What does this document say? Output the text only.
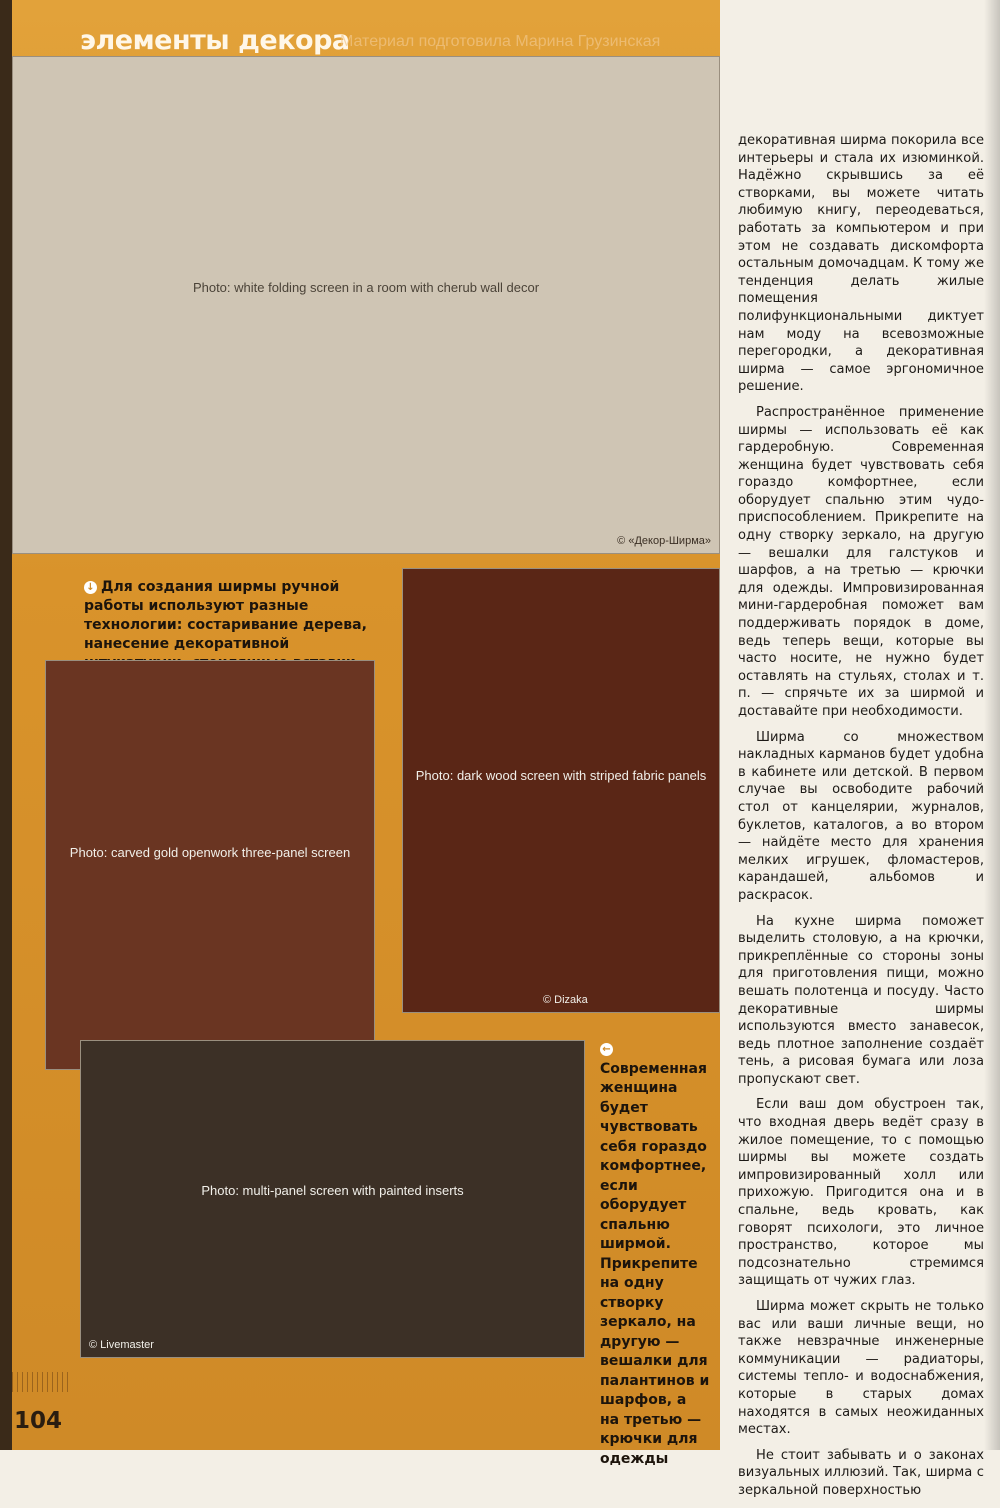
элементы декора
Материал подготовила Марина Грузинская
Photo: white folding screen in a room with cherub wall decor
© «Декор-Ширма»
↓ Для создания ширмы ручной работы используют разные технологии: состаривание дерева, нанесение декоративной
Photo: carved gold openwork three-panel screen
Photo: dark wood screen with striped fabric panels
© Dizaka
Photo: multi-panel screen with painted inserts
© Livemaster
←Современная женщина будет чувствовать себя гораздо комфортнее, если оборудует спальню ширмой. Прикрепите на одну створку зеркало, на другую — вешалки для палантинов и шарфов, а на третью — крючки для одежды
104

декоративная ширма покорила все интерьеры и стала их изюминкой. Надёжно скрывшись за её створками, вы можете читать любимую книгу, переодеваться, работать за компьютером и при этом не создавать дискомфорта остальным домочадцам. К тому же тенденция делать жилые помещения полифункциональными диктует нам моду на всевозможные перегородки, а декоративная ширма — самое эргономичное решение.

Распространённое применение ширмы — использовать её как гардеробную. Современная женщина будет чувствовать себя гораздо комфортнее, если оборудует спальню этим чудо-приспособлением. Прикрепите на одну створку зеркало, на другую — вешалки для галстуков и шарфов, а на третью — крючки для одежды. Импровизированная мини-гардеробная поможет вам поддерживать порядок в доме, ведь теперь вещи, которые вы часто носите, не нужно будет оставлять на стульях, столах и т. п. — спрячьте их за ширмой и доставайте при необходимости.

Ширма со множеством накладных карманов будет удобна в кабинете или детской. В первом случае вы освободите рабочий стол от канцелярии, журналов, буклетов, каталогов, а во втором — найдёте место для хранения мелких игрушек, фломастеров, карандашей, альбомов и раскрасок.

На кухне ширма поможет выделить столовую, а на крючки, прикреплённые со стороны зоны для приготовления пищи, можно вешать полотенца и посуду. Часто декоративные ширмы используются вместо занавесок, ведь плотное заполнение создаёт тень, а рисовая бумага или лоза пропускают свет.

Если ваш дом обустроен так, что входная дверь ведёт сразу в жилое помещение, то с помощью ширмы вы можете создать импровизированный холл или прихожую. Пригодится она и в спальне, ведь кровать, как говорят психологи, это личное пространство, которое мы подсознательно стремимся защищать от чужих глаз.

Ширма может скрыть не только вас или ваши личные вещи, но также невзрачные инженерные коммуникации — радиаторы, системы тепло- и водоснабжения, которые в старых домах находятся в самых неожиданных местах.

Не стоит забывать и о законах визуальных иллюзий. Так, ширма с зеркальной поверхностью
